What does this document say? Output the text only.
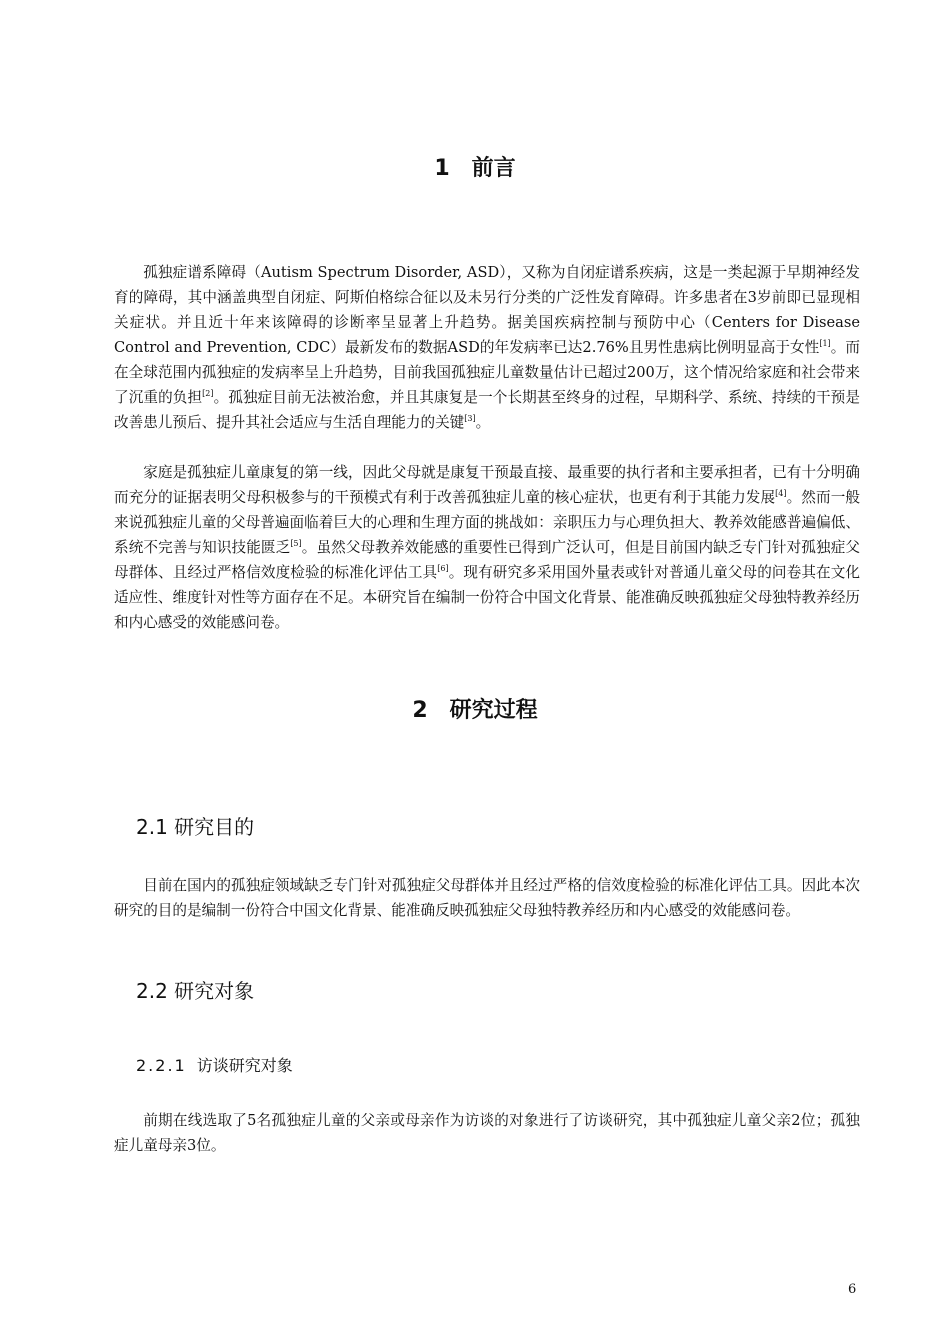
1 前言

孤独症谱系障碍（Autism Spectrum Disorder, ASD），又称为自闭症谱系疾病，这是一类起源于早期神经发育的障碍，其中涵盖典型自闭症、阿斯伯格综合征以及未另行分类的广泛性发育障碍。许多患者在3岁前即已显现相关症状。并且近十年来该障碍的诊断率呈显著上升趋势。据美国疾病控制与预防中心（Centers for Disease Control and Prevention, CDC）最新发布的数据ASD的年发病率已达2.76%且男性患病比例明显高于女性[1]。而在全球范围内孤独症的发病率呈上升趋势，目前我国孤独症儿童数量估计已超过200万，这个情况给家庭和社会带来了沉重的负担[2]。孤独症目前无法被治愈，并且其康复是一个长期甚至终身的过程，早期科学、系统、持续的干预是改善患儿预后、提升其社会适应与生活自理能力的关键[3]。

家庭是孤独症儿童康复的第一线，因此父母就是康复干预最直接、最重要的执行者和主要承担者，已有十分明确而充分的证据表明父母积极参与的干预模式有利于改善孤独症儿童的核心症状，也更有利于其能力发展[4]。然而一般来说孤独症儿童的父母普遍面临着巨大的心理和生理方面的挑战如：亲职压力与心理负担大、教养效能感普遍偏低、系统不完善与知识技能匮乏[5]。虽然父母教养效能感的重要性已得到广泛认可，但是目前国内缺乏专门针对孤独症父母群体、且经过严格信效度检验的标准化评估工具[6]。现有研究多采用国外量表或针对普通儿童父母的问卷其在文化适应性、维度针对性等方面存在不足。本研究旨在编制一份符合中国文化背景、能准确反映孤独症父母独特教养经历和内心感受的效能感问卷。

2 研究过程
2.1 研究目的

目前在国内的孤独症领域缺乏专门针对孤独症父母群体并且经过严格的信效度检验的标准化评估工具。因此本次研究的目的是编制一份符合中国文化背景、能准确反映孤独症父母独特教养经历和内心感受的效能感问卷。

2.2 研究对象
2.2.1 访谈研究对象

前期在线选取了5名孤独症儿童的父亲或母亲作为访谈的对象进行了访谈研究，其中孤独症儿童父亲2位；孤独症儿童母亲3位。

6
